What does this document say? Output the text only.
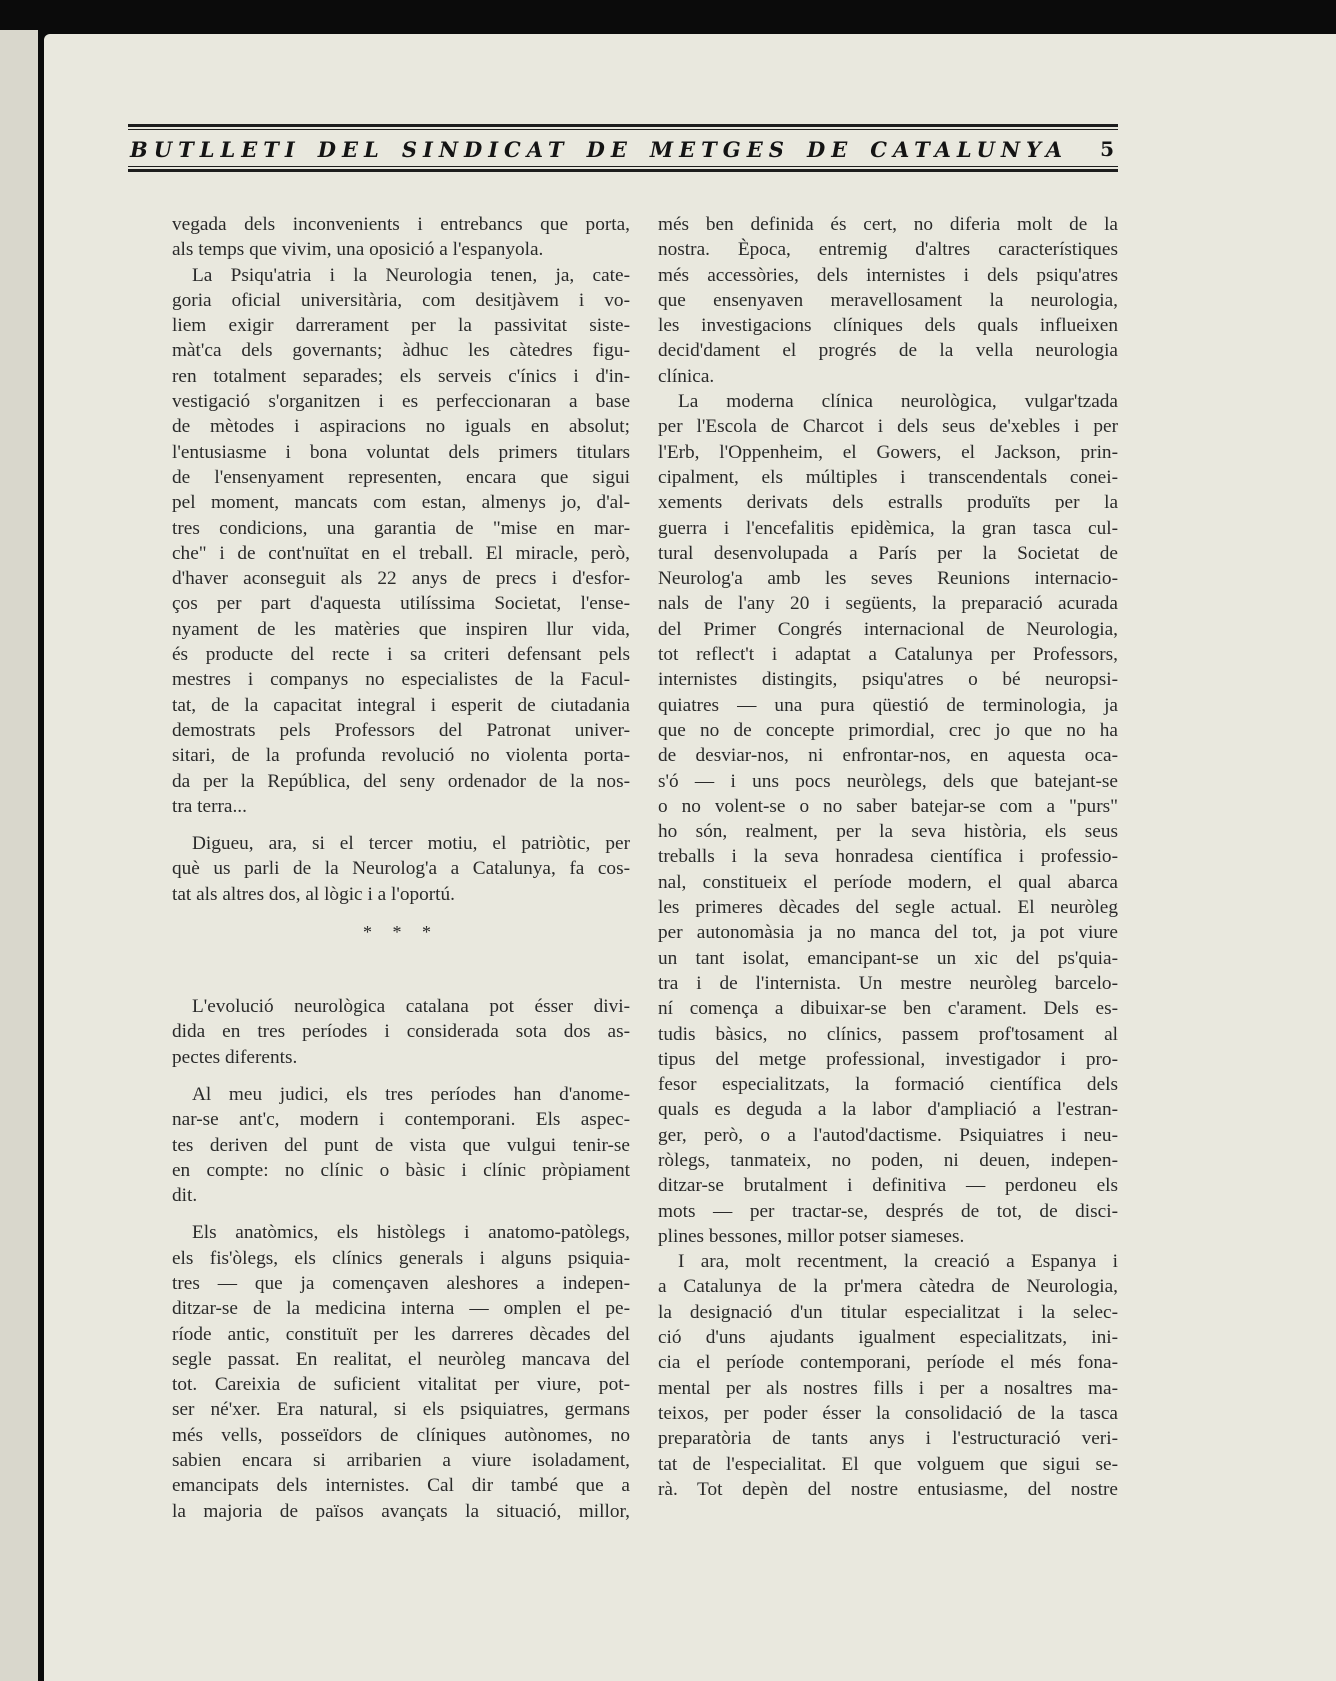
BUTLLETI DEL SINDICAT DE METGES DE CATALUNYA 5
vegada dels inconvenients i entrebancs que porta,
als temps que vivim, una oposició a l'espanyola.
La Psiqu'atria i la Neurologia tenen, ja, cate-
goria oficial universitària, com desitjàvem i vo-
liem exigir darrerament per la passivitat siste-
màt'ca dels governants; àdhuc les càtedres figu-
ren totalment separades; els serveis c'ínics i d'in-
vestigació s'organitzen i es perfeccionaran a base
de mètodes i aspiracions no iguals en absolut;
l'entusiasme i bona voluntat dels primers titulars
de l'ensenyament representen, encara que sigui
pel moment, mancats com estan, almenys jo, d'al-
tres condicions, una garantia de "mise en mar-
che" i de cont'nuïtat en el treball. El miracle, però,
d'haver aconseguit als 22 anys de precs i d'esfor-
ços per part d'aquesta utilíssima Societat, l'ense-
nyament de les matèries que inspiren llur vida,
és producte del recte i sa criteri defensant pels
mestres i companys no especialistes de la Facul-
tat, de la capacitat integral i esperit de ciutadania
demostrats pels Professors del Patronat univer-
sitari, de la profunda revolució no violenta porta-
da per la República, del seny ordenador de la nos-
tra terra...
Digueu, ara, si el tercer motiu, el patriòtic, per
què us parli de la Neurolog'a a Catalunya, fa cos-
tat als altres dos, al lògic i a l'oportú.
* * *
L'evolució neurològica catalana pot ésser divi-
dida en tres períodes i considerada sota dos as-
pectes diferents.
Al meu judici, els tres períodes han d'anome-
nar-se ant'c, modern i contemporani. Els aspec-
tes deriven del punt de vista que vulgui tenir-se
en compte: no clínic o bàsic i clínic pròpiament
dit.
Els anatòmics, els històlegs i anatomo-patòlegs,
els fis'òlegs, els clínics generals i alguns psiquia-
tres — que ja començaven aleshores a indepen-
ditzar-se de la medicina interna — omplen el pe-
ríode antic, constituït per les darreres dècades del
segle passat. En realitat, el neuròleg mancava del
tot. Careixia de suficient vitalitat per viure, pot-
ser né'xer. Era natural, si els psiquiatres, germans
més vells, posseïdors de clíniques autònomes, no
sabien encara si arribarien a viure isoladament,
emancipats dels internistes. Cal dir també que a
la majoria de països avançats la situació, millor,
més ben definida és cert, no diferia molt de la
nostra. Època, entremig d'altres característiques
més accessòries, dels internistes i dels psiqu'atres
que ensenyaven meravellosament la neurologia,
les investigacions clíniques dels quals influeixen
decid'dament el progrés de la vella neurologia
clínica.
La moderna clínica neurològica, vulgar'tzada
per l'Escola de Charcot i dels seus de'xebles i per
l'Erb, l'Oppenheim, el Gowers, el Jackson, prin-
cipalment, els múltiples i transcendentals conei-
xements derivats dels estralls produïts per la
guerra i l'encefalitis epidèmica, la gran tasca cul-
tural desenvolupada a París per la Societat de
Neurolog'a amb les seves Reunions internacio-
nals de l'any 20 i següents, la preparació acurada
del Primer Congrés internacional de Neurologia,
tot reflect't i adaptat a Catalunya per Professors,
internistes distingits, psiqu'atres o bé neuropsi-
quiatres — una pura qüestió de terminologia, ja
que no de concepte primordial, crec jo que no ha
de desviar-nos, ni enfrontar-nos, en aquesta oca-
s'ó — i uns pocs neuròlegs, dels que batejant-se
o no volent-se o no saber batejar-se com a "purs"
ho són, realment, per la seva història, els seus
treballs i la seva honradesa científica i professio-
nal, constitueix el període modern, el qual abarca
les primeres dècades del segle actual. El neuròleg
per autonomàsia ja no manca del tot, ja pot viure
un tant isolat, emancipant-se un xic del ps'quia-
tra i de l'internista. Un mestre neuròleg barcelo-
ní comença a dibuixar-se ben c'arament. Dels es-
tudis bàsics, no clínics, passem prof'tosament al
tipus del metge professional, investigador i pro-
fesor especialitzats, la formació científica dels
quals es deguda a la labor d'ampliació a l'estran-
ger, però, o a l'autod'dactisme. Psiquiatres i neu-
ròlegs, tanmateix, no poden, ni deuen, indepen-
ditzar-se brutalment i definitiva — perdoneu els
mots — per tractar-se, després de tot, de disci-
plines bessones, millor potser siameses.
I ara, molt recentment, la creació a Espanya i
a Catalunya de la pr'mera càtedra de Neurologia,
la designació d'un titular especialitzat i la selec-
ció d'uns ajudants igualment especialitzats, ini-
cia el període contemporani, període el més fona-
mental per als nostres fills i per a nosaltres ma-
teixos, per poder ésser la consolidació de la tasca
preparatòria de tants anys i l'estructuració veri-
tat de l'especialitat. El que volguem que sigui se-
rà. Tot depèn del nostre entusiasme, del nostre
